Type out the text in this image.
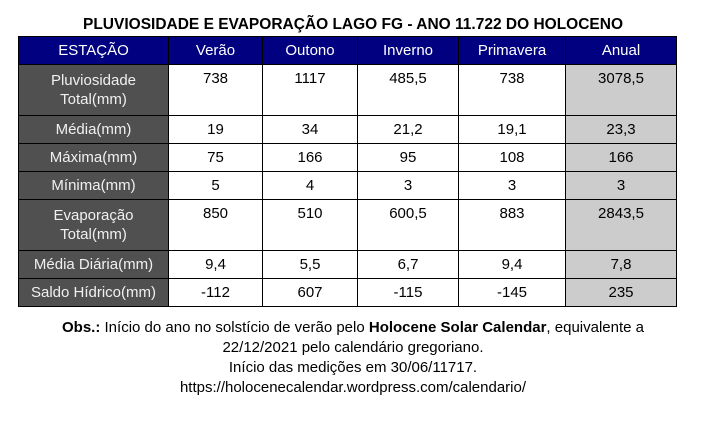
PLUVIOSIDADE E EVAPORAÇÃO LAGO FG - ANO 11.722 DO HOLOCENO
ESTAÇÃO	Verão	Outono	Inverno	Primavera	Anual
Pluviosidade Total(mm)	738	1117	485,5	738	3078,5
Média(mm)	19	34	21,2	19,1	23,3
Máxima(mm)	75	166	95	108	166
Mínima(mm)	5	4	3	3	3
Evaporação Total(mm)	850	510	600,5	883	2843,5
Média Diária(mm)	9,4	5,5	6,7	9,4	7,8
Saldo Hídrico(mm)	-112	607	-115	-145	235
Obs.: Início do ano no solstício de verão pelo Holocene Solar Calendar, equivalente a
22/12/2021 pelo calendário gregoriano.
Início das medições em 30/06/11717.
https://holocenecalendar.wordpress.com/calendario/
